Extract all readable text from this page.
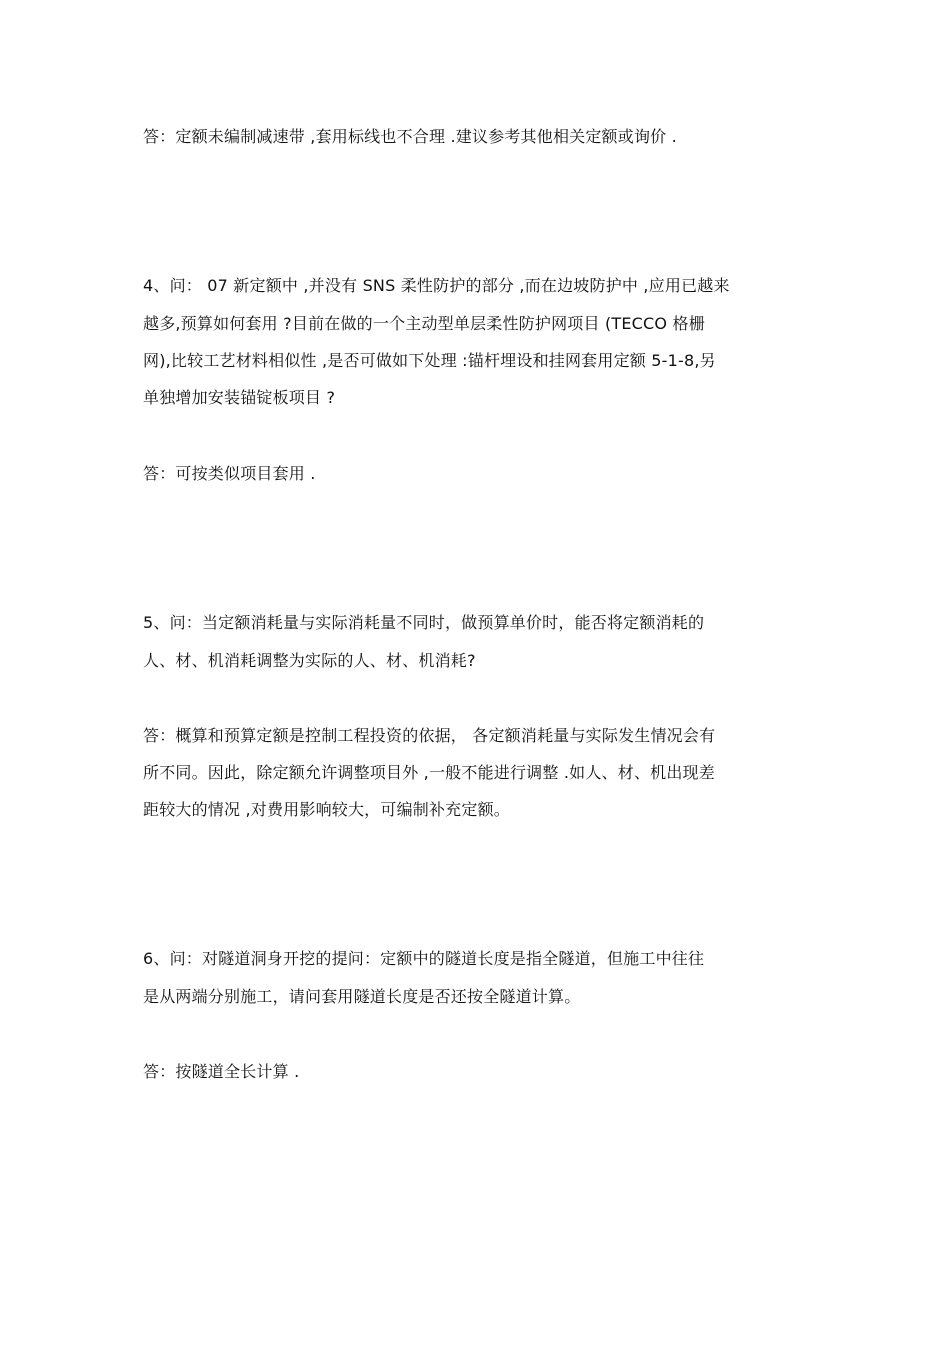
答：定额未编制减速带 ,套用标线也不合理 .建议参考其他相关定额或询价 .
4、问： 07 新定额中 ,并没有 SNS 柔性防护的部分 ,而在边坡防护中 ,应用已越来
越多,预算如何套用 ?目前在做的一个主动型单层柔性防护网项目 (TECCO 格栅
网),比较工艺材料相似性 ,是否可做如下处理 :锚杆埋设和挂网套用定额 5-1-8,另
单独增加安装锚锭板项目 ?
答：可按类似项目套用 .
5、问：当定额消耗量与实际消耗量不同时，做预算单价时，能否将定额消耗的
人、材、机消耗调整为实际的人、材、机消耗?
答：概算和预算定额是控制工程投资的依据， 各定额消耗量与实际发生情况会有
所不同。因此，除定额允许调整项目外 ,一般不能进行调整 .如人、材、机出现差
距较大的情况 ,对费用影响较大，可编制补充定额。
6、问：对隧道洞身开挖的提问：定额中的隧道长度是指全隧道，但施工中往往
是从两端分别施工，请问套用隧道长度是否还按全隧道计算。
答：按隧道全长计算 .
